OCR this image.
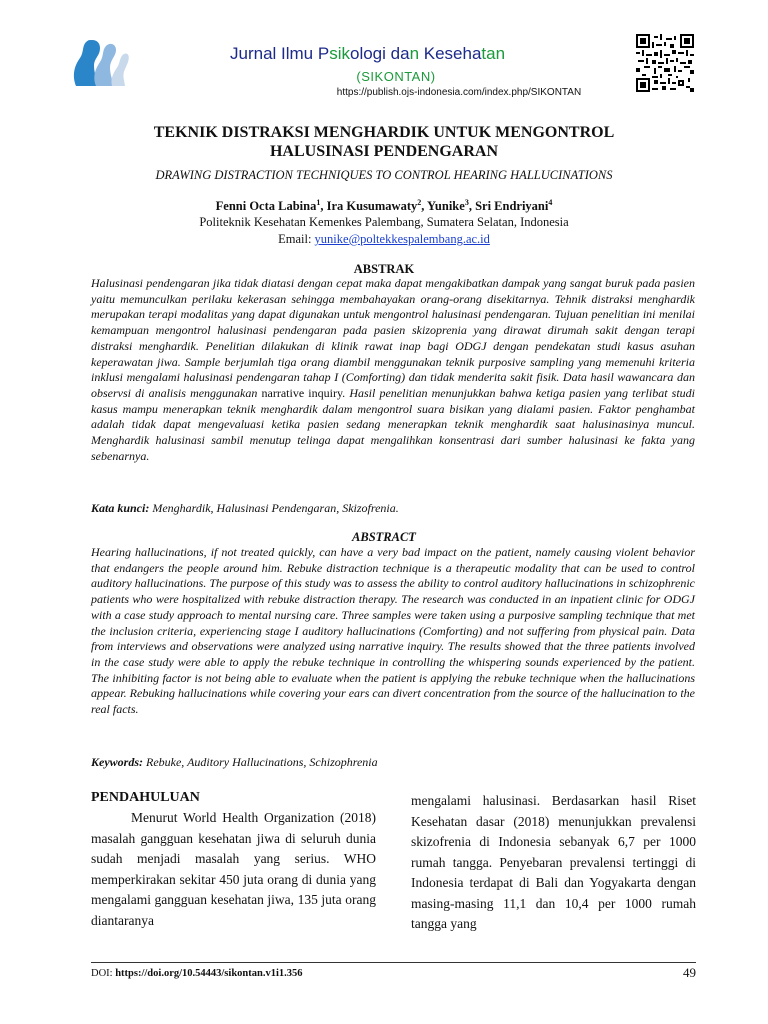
Jurnal Ilmu Psikologi dan Kesehatan
(SIKONTAN)
https://publish.ojs-indonesia.com/index.php/SIKONTAN
TEKNIK DISTRAKSI MENGHARDIK UNTUK MENGONTROL
HALUSINASI PENDENGARAN
DRAWING DISTRACTION TECHNIQUES TO CONTROL HEARING HALLUCINATIONS
Fenni Octa Labina$^1$, Ira Kusumawaty$^2$, Yunike$^3$, Sri Endriyani$^4$
Politeknik Kesehatan Kemenkes Palembang, Sumatera Selatan, Indonesia
Email: yunike@poltekkespalembang.ac.id
ABSTRAK
Halusinasi pendengaran jika tidak diatasi dengan cepat maka dapat mengakibatkan dampak yang sangat buruk pada pasien yaitu memunculkan perilaku kekerasan sehingga membahayakan orang-orang disekitarnya. Tehnik distraksi menghardik merupakan terapi modalitas yang dapat digunakan untuk mengontrol halusinasi pendengaran. Tujuan penelitian ini menilai kemampuan mengontrol halusinasi pendengaran pada pasien skizoprenia yang dirawat dirumah sakit dengan terapi distraksi menghardik. Penelitian dilakukan di klinik rawat inap bagi ODGJ dengan pendekatan studi kasus asuhan keperawatan jiwa. Sample berjumlah tiga orang diambil menggunakan teknik purposive sampling yang memenuhi kriteria inklusi mengalami halusinasi pendengaran tahap I (Comforting) dan tidak menderita sakit fisik. Data hasil wawancara dan observsi di analisis menggunakan narrative inquiry. Hasil penelitian menunjukkan bahwa ketiga pasien yang terlibat studi kasus mampu menerapkan teknik menghardik dalam mengontrol suara bisikan yang dialami pasien. Faktor penghambat adalah tidak dapat mengevaluasi ketika pasien sedang menerapkan teknik menghardik saat halusinasinya muncul. Menghardik halusinasi sambil menutup telinga dapat mengalihkan konsentrasi dari sumber halusinasi ke fakta yang sebenarnya.
Kata kunci: Menghardik, Halusinasi Pendengaran, Skizofrenia.
ABSTRACT
Hearing hallucinations, if not treated quickly, can have a very bad impact on the patient, namely causing violent behavior that endangers the people around him. Rebuke distraction technique is a therapeutic modality that can be used to control auditory hallucinations. The purpose of this study was to assess the ability to control auditory hallucinations in schizophrenic patients who were hospitalized with rebuke distraction therapy. The research was conducted in an inpatient clinic for ODGJ with a case study approach to mental nursing care. Three samples were taken using a purposive sampling technique that met the inclusion criteria, experiencing stage I auditory hallucinations (Comforting) and not suffering from physical pain. Data from interviews and observations were analyzed using narrative inquiry. The results showed that the three patients involved in the case study were able to apply the rebuke technique in controlling the whispering sounds experienced by the patient. The inhibiting factor is not being able to evaluate when the patient is applying the rebuke technique when the hallucinations appear. Rebuking hallucinations while covering your ears can divert concentration from the source of the hallucination to the real facts.
Keywords: Rebuke, Auditory Hallucinations, Schizophrenia
PENDAHULUAN
Menurut World Health Organization (2018) masalah gangguan kesehatan jiwa di seluruh dunia sudah menjadi masalah yang serius. WHO memperkirakan sekitar 450 juta orang di dunia yang mengalami gangguan kesehatan jiwa, 135 juta orang diantaranya
mengalami halusinasi. Berdasarkan hasil Riset Kesehatan dasar (2018) menunjukkan prevalensi skizofrenia di Indonesia sebanyak 6,7 per 1000 rumah tangga. Penyebaran prevalensi tertinggi di Indonesia terdapat di Bali dan Yogyakarta dengan masing-masing 11,1 dan 10,4 per 1000 rumah tangga yang
DOI: https://doi.org/10.54443/sikontan.v1i1.356	49
